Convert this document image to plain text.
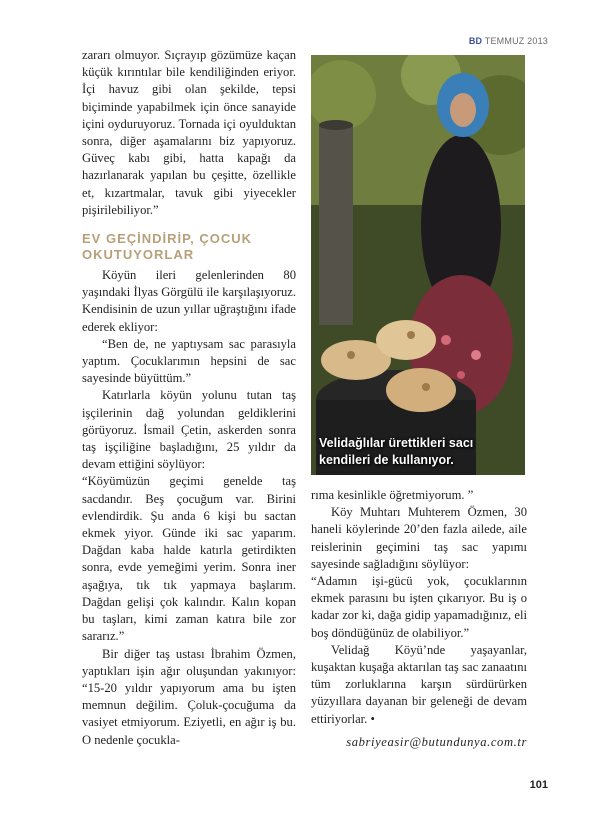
BD TEMMUZ 2013

zararı olmuyor. Sıçrayıp gözümüze kaçan küçük kırıntılar bile kendiliğinden eriyor. İçi havuz gibi olan şekilde, tepsi biçiminde yapabilmek için önce sanayide içini oyduruyoruz. Tornada içi oyulduktan sonra, diğer aşamalarını biz yapıyoruz. Güveç kabı gibi, hatta kapağı da hazırlanarak yapılan bu çeşitte, özellikle et, kızartmalar, tavuk gibi yiyecekler pişirilebiliyor.”

EV GEÇİNDİRİP, ÇOCUK OKUTUYORLAR

Köyün ileri gelenlerinden 80 yaşındaki İlyas Görgülü ile karşılaşıyoruz. Kendisinin de uzun yıllar uğraştığını ifade ederek ekliyor:

“Ben de, ne yaptıysam sac parasıyla yaptım. Çocuklarımın hepsini de sac sayesinde büyüttüm.”

Katırlarla köyün yolunu tutan taş işçilerinin dağ yolundan geldiklerini görüyoruz. İsmail Çetin, askerden sonra taş işçiliğine başladığını, 25 yıldır da devam ettiğini söylüyor:

“Köyümüzün geçimi genelde taş sacdandır. Beş çocuğum var. Birini evlendirdik. Şu anda 6 kişi bu sactan ekmek yiyor. Günde iki sac yaparım. Dağdan kaba halde katırla getirdikten sonra, evde yemeğimi yerim. Sonra iner aşağıya, tık tık yapmaya başlarım. Dağdan gelişi çok kalındır. Kalın kopan bu taşları, kimi zaman katıra bile zor sararız.”

Bir diğer taş ustası İbrahim Özmen, yaptıkları işin ağır oluşundan yakınıyor: “15-20 yıldır yapıyorum ama bu işten memnun değilim. Çoluk-çocuğuma da vasiyet etmiyorum. Eziyetli, en ağır iş bu. O nedenle çocukla-

Velidağlılar ürettikleri sacı
kendileri de kullanıyor.

rıma kesinlikle öğretmiyorum. ”

Köy Muhtarı Muhterem Özmen, 30 haneli köylerinde 20’den fazla ailede, aile reislerinin geçimini taş sac yapımı sayesinde sağladığını söylüyor:

“Adamın işi-gücü yok, çocuklarının ekmek parasını bu işten çıkarıyor. Bu iş o kadar zor ki, dağa gidip yapamadığınız, eli boş döndüğünüz de olabiliyor.”

Velidağ Köyü’nde yaşayanlar, kuşaktan kuşağa aktarılan taş sac zanaatını tüm zorluklarına karşın sürdürürken yüzyıllara dayanan bir geleneği de devam ettiriyorlar. •

sabriyeasir@butundunya.com.tr
101
